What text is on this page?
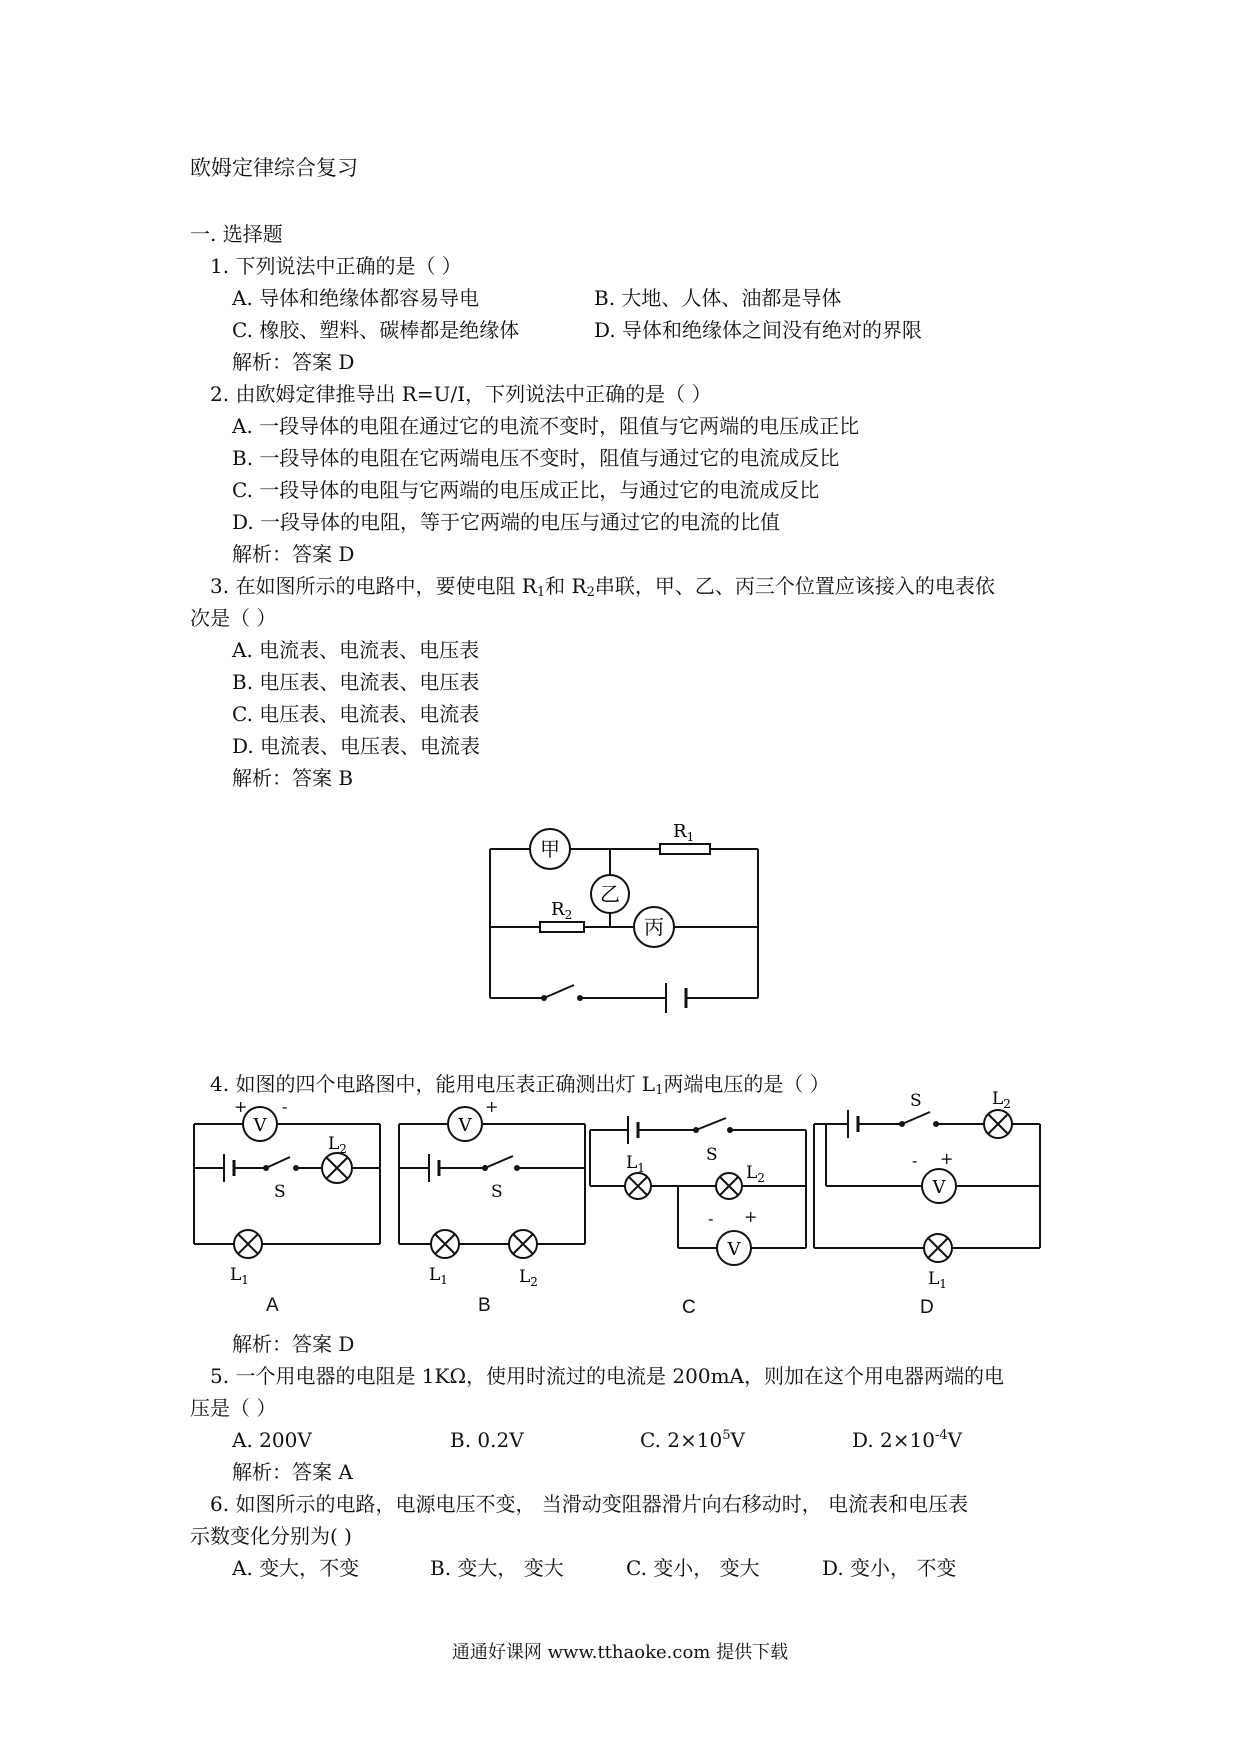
欧姆定律综合复习
一. 选择题
1. 下列说法中正确的是（ ）
A. 导体和绝缘体都容易导电	B. 大地、人体、油都是导体
C. 橡胶、塑料、碳棒都是绝缘体	D. 导体和绝缘体之间没有绝对的界限
解析：答案 D
2. 由欧姆定律推导出 R=U/I，下列说法中正确的是（ ）
A. 一段导体的电阻在通过它的电流不变时，阻值与它两端的电压成正比
B. 一段导体的电阻在它两端电压不变时，阻值与通过它的电流成反比
C. 一段导体的电阻与它两端的电压成正比，与通过它的电流成反比
D. 一段导体的电阻，等于它两端的电压与通过它的电流的比值
解析：答案 D
3. 在如图所示的电路中，要使电阻 $R_1$和 $R_2$串联，甲、乙、丙三个位置应该接入的电表依
次是（ ）
A. 电流表、电流表、电压表
B. 电压表、电流表、电压表
C. 电压表、电流表、电流表
D. 电流表、电压表、电流表
解析：答案 B
甲
乙
丙
$R_1$
$R_2$
4. 如图的四个电路图中，能用电压表正确测出灯 $L_1$两端电压的是（ ）
V
+ -
S
$L_2$
$L_1$
V
- +
S
$L_1$	$L_2$
S
$L_1$	$L_2$
V
- +
S	$L_2$
V
- +
$L_1$
A	B	C	D
解析：答案 D
5. 一个用电器的电阻是 1KΩ，使用时流过的电流是 200mA，则加在这个用电器两端的电
压是（ ）
A. 200V	B. 0.2V	C. $2\times 10^5V$	D. $2\times 10^{-4}V$
解析：答案 A
6. 如图所示的电路，电源电压不变， 当滑动变阻器滑片向右移动时， 电流表和电压表
示数变化分别为( )
A. 变大，不变	B. 变大， 变大	C. 变小， 变大	D. 变小， 不变
通通好课网 www.tthaoke.com 提供下载
